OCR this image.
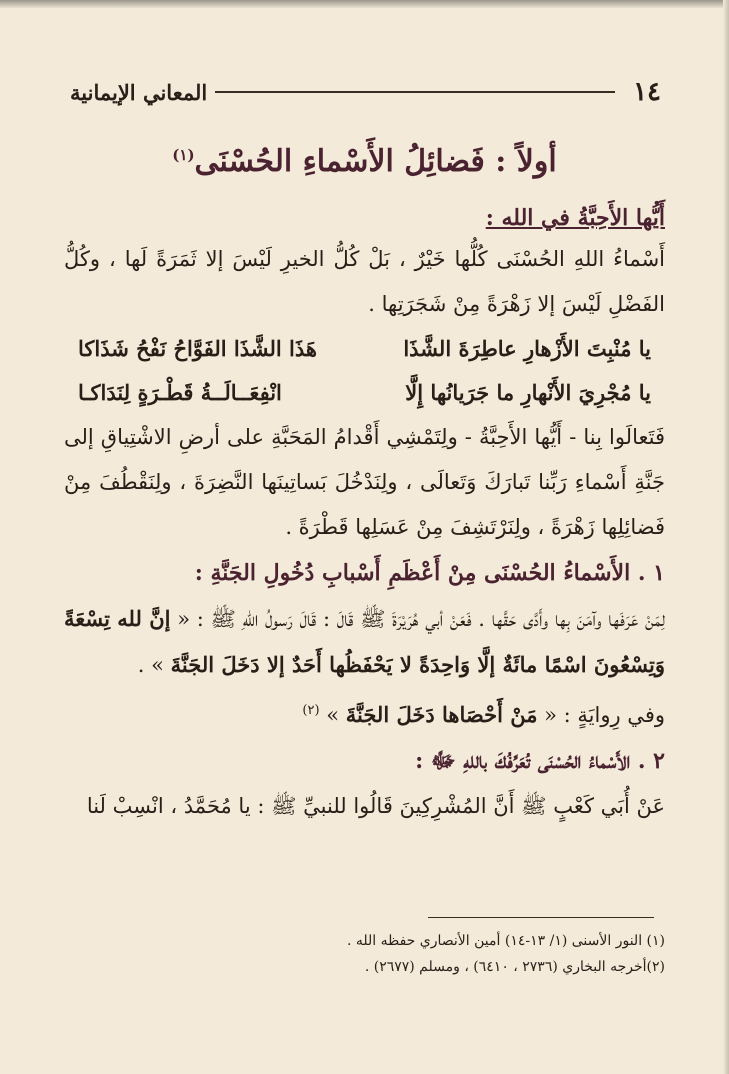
١٤
المعاني الإيمانية
أولاً : فَضائِلُ الأَسْماءِ الحُسْنَى$^{(١)}$
أَيُّها الأَحِبَّةُ في الله :

أَسْماءُ اللهِ الحُسْنَى كُلُّها خَيْرٌ ، بَلْ كُلُّ الخيرِ لَيْسَ إلا ثَمَرَةً لَها ، وكُلُّ الفَضْلِ لَيْسَ إلا زَهْرَةً مِنْ شَجَرَتِها .

يا مُنْبِتَ الأَزْهارِ عاطِرَةَ الشَّذَا
هَذَا الشَّذَا الفَوَّاحُ نَفْحُ شَذَاكا
يا مُجْرِيَ الأَنْهارِ ما جَرَيانُها إِلَّا
انْفِعَــالَــةُ قَطْـرَةٍ لِنَدَاكـا

فَتَعالَوا بِنا - أَيُّها الأَحِبَّةُ - ولِتَمْشِي أَقْدامُ المَحَبَّةِ على أرضِ الاشْتِياقِ إلى جَنَّةِ أَسْماءِ رَبِّنا تَبارَكَ وَتَعالَى ، ولِنَدْخُلَ بَساتِينَها النَّضِرَةَ ، ولِنَقْطُفَ مِنْ فَضائِلِها زَهْرَةً ، ولِنَرْتَشِفَ مِنْ عَسَلِها قَطْرَةً .

١ . الأَسْماءُ الحُسْنَى مِنْ أَعْظَمِ أَسْبابِ دُخُولِ الجَنَّةِ :

لِمَنْ عَرَفَها وآمَنَ بِها وأَدَّى حَقَّها . فَعَنْ أبي هُرَيْرَةَ ﷺ قَالَ : قَالَ رَسولُ اللهِ ﷺ : « إنَّ لله تِسْعَةً وَتِسْعُونَ اسْمًا مائَةٌ إلَّا وَاحِدَةً لا يَحْفَظُها أَحَدٌ إلا دَخَلَ الجَنَّةَ » .

وفي رِوايَةٍ : « مَنْ أَحْصَاها دَخَلَ الجَنَّةَ » $^{(٢)}$

٢ . الأَسْماءُ الحُسْنَى تُعَرِّفُكَ باللهِ ﷻ :

عَنْ أُبَي كَعْبٍ ﷺ أَنَّ المُشْرِكِينَ قَالُوا للنبيِّ ﷺ : يا مُحَمَّدُ ، انْسِبْ لَنا

(١) النور الأسنى (١/ ١٣-١٤) أمين الأنصاري حفظه الله .
(٢)أخرجه البخاري (٢٧٣٦ ، ٦٤١٠) ، ومسلم (٢٦٧٧) .
